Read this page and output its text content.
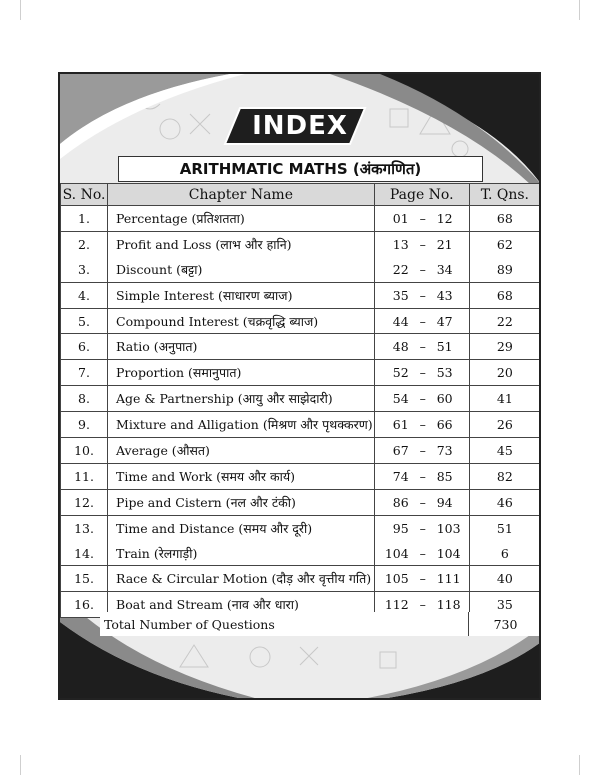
INDEX
ARITHMATIC MATHS (अंकगणित)
S. No.	Chapter Name	Page No.	T. Qns.
1.	Percentage (प्रतिशतता)	01 – 12	68
2.	Profit and Loss (लाभ और हानि)	13 – 21	62
3.	Discount (बट्टा)	22 – 34	89
4.	Simple Interest (साधारण ब्याज)	35 – 43	68
5.	Compound Interest (चक्रवृद्धि ब्याज)	44 – 47	22
6.	Ratio (अनुपात)	48 – 51	29
7.	Proportion (समानुपात)	52 – 53	20
8.	Age & Partnership (आयु और साझेदारी)	54 – 60	41
9.	Mixture and Alligation (मिश्रण और पृथक्करण)	61 – 66	26
10.	Average (औसत)	67 – 73	45
11.	Time and Work (समय और कार्य)	74 – 85	82
12.	Pipe and Cistern (नल और टंकी)	86 – 94	46
13.	Time and Distance (समय और दूरी)	95 – 103	51
14.	Train (रेलगाड़ी)	104 – 104	6
15.	Race & Circular Motion (दौड़ और वृत्तीय गति)	105 – 111	40
16.	Boat and Stream (नाव और धारा)	112 – 118	35
Total Number of Questions	730
